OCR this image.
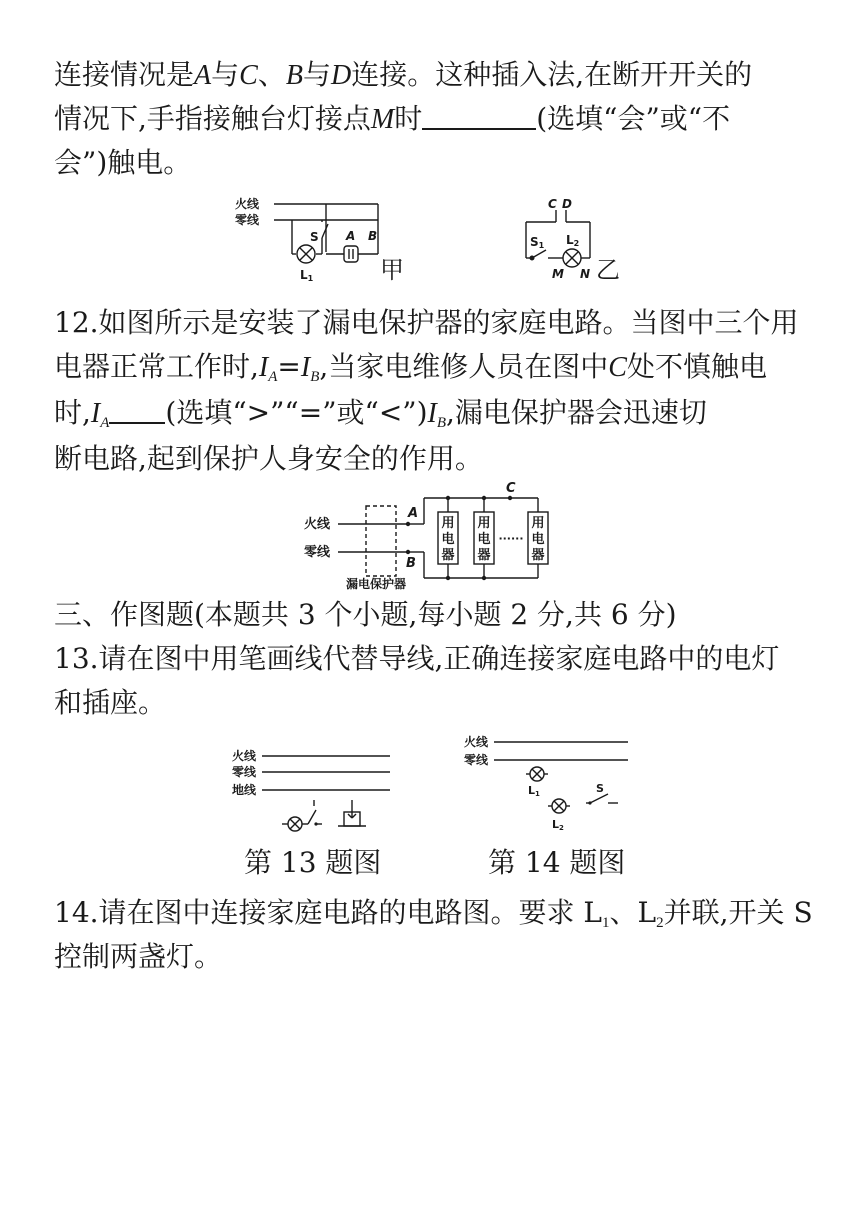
连接情况是A与C、B与D连接。这种插入法,在断开开关的
情况下,手指接触台灯接点M时	(选填“会”或“不
会”)触电。
火线
零线
S A B
L1	甲
C D
S1 L2
M N 乙
12.如图所示是安装了漏电保护器的家庭电路。当图中三个用
电器正常工作时$,I_A=I_B$,当家电维修人员在图中C处不慎触电
时$,I_A$ (选填“>”“=”或“$<”)I_B$,漏电保护器会迅速切
断电路,起到保护人身安全的作用。
火线
零线
A
B
C
漏电保护器
用
电
器
用
电
器
用
电
器
······
三、作图题(本题共 3 个小题,每小题 2 分,共 6 分)
13.请在图中用笔画线代替导线,正确连接家庭电路中的电灯
和插座。
火线
零线
地线
第 13 题图
火线
零线
L1
L2
S
第 14 题图
14.请在图中连接家庭电路的电路图。要求 L1、L2并联,开关 S
控制两盏灯。
